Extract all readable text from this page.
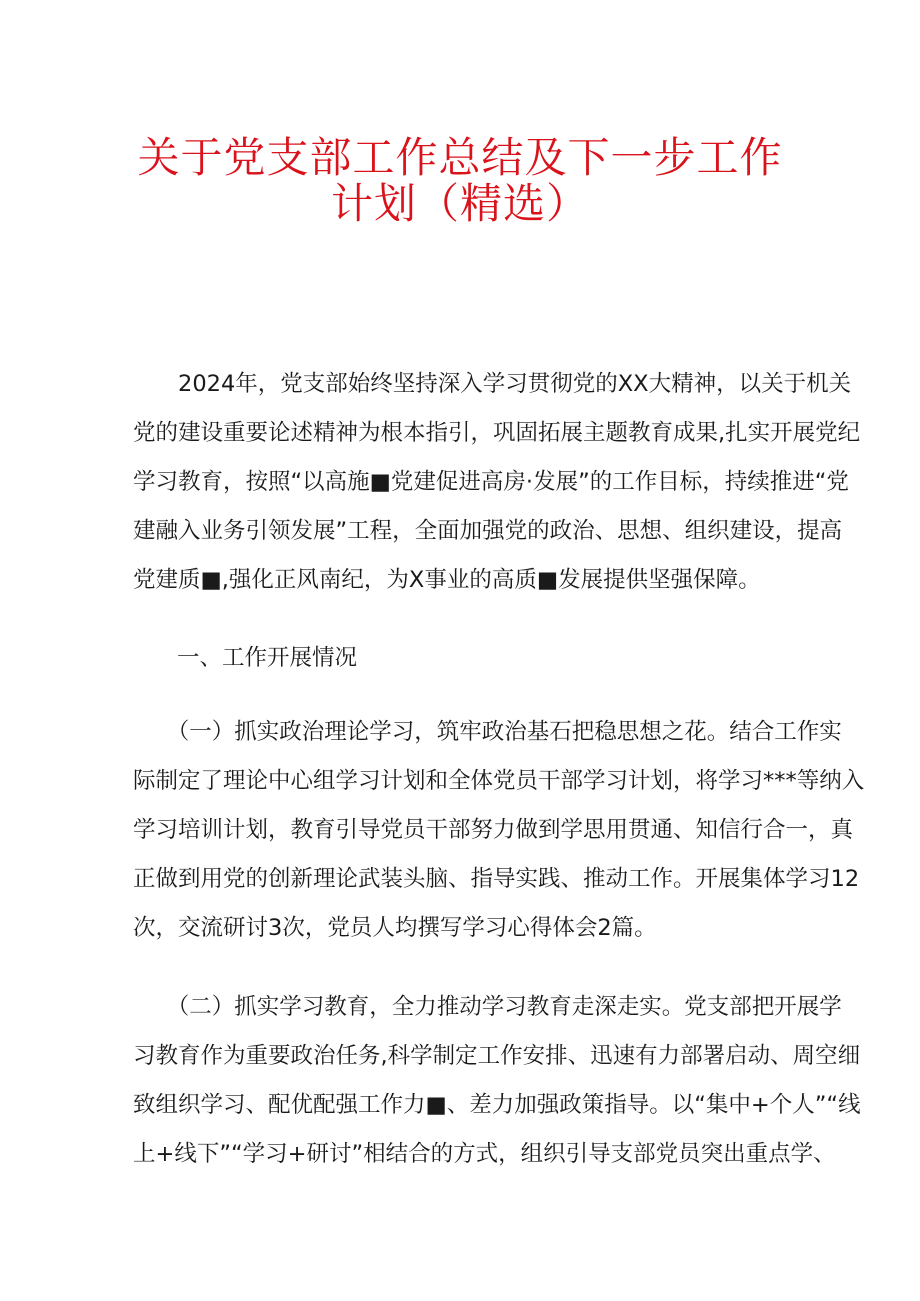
关于党支部工作总结及下一步工作
计划（精选）
　　2024年，党支部始终坚持深入学习贯彻党的XX大精神，以关于机关
党的建设重要论述精神为根本指引，巩固拓展主题教育成果,扎实开展党纪
学习教育，按照“以高施■党建促进高房·发展”的工作目标，持续推进“党
建融入业务引领发展”工程，全面加强党的政治、思想、组织建设，提高
党建质■,强化正风南纪，为X事业的高质■发展提供坚强保障。
一、工作开展情况
　　（一）抓实政治理论学习，筑牢政治基石把稳思想之花。结合工作实
际制定了理论中心组学习计划和全体党员干部学习计划，将学习***等纳入
学习培训计划，教育引导党员干部努力做到学思用贯通、知信行合一，真
正做到用党的创新理论武装头脑、指导实践、推动工作。开展集体学习12
次，交流研讨3次，党员人均撰写学习心得体会2篇。
　　（二）抓实学习教育，全力推动学习教育走深走实。党支部把开展学
习教育作为重要政治任务,科学制定工作安排、迅速有力部署启动、周空细
致组织学习、配优配强工作力■、差力加强政策指导。以“集中+个人”“线
上+线下”“学习+研讨”相结合的方式，组织引导支部党员突出重点学、
